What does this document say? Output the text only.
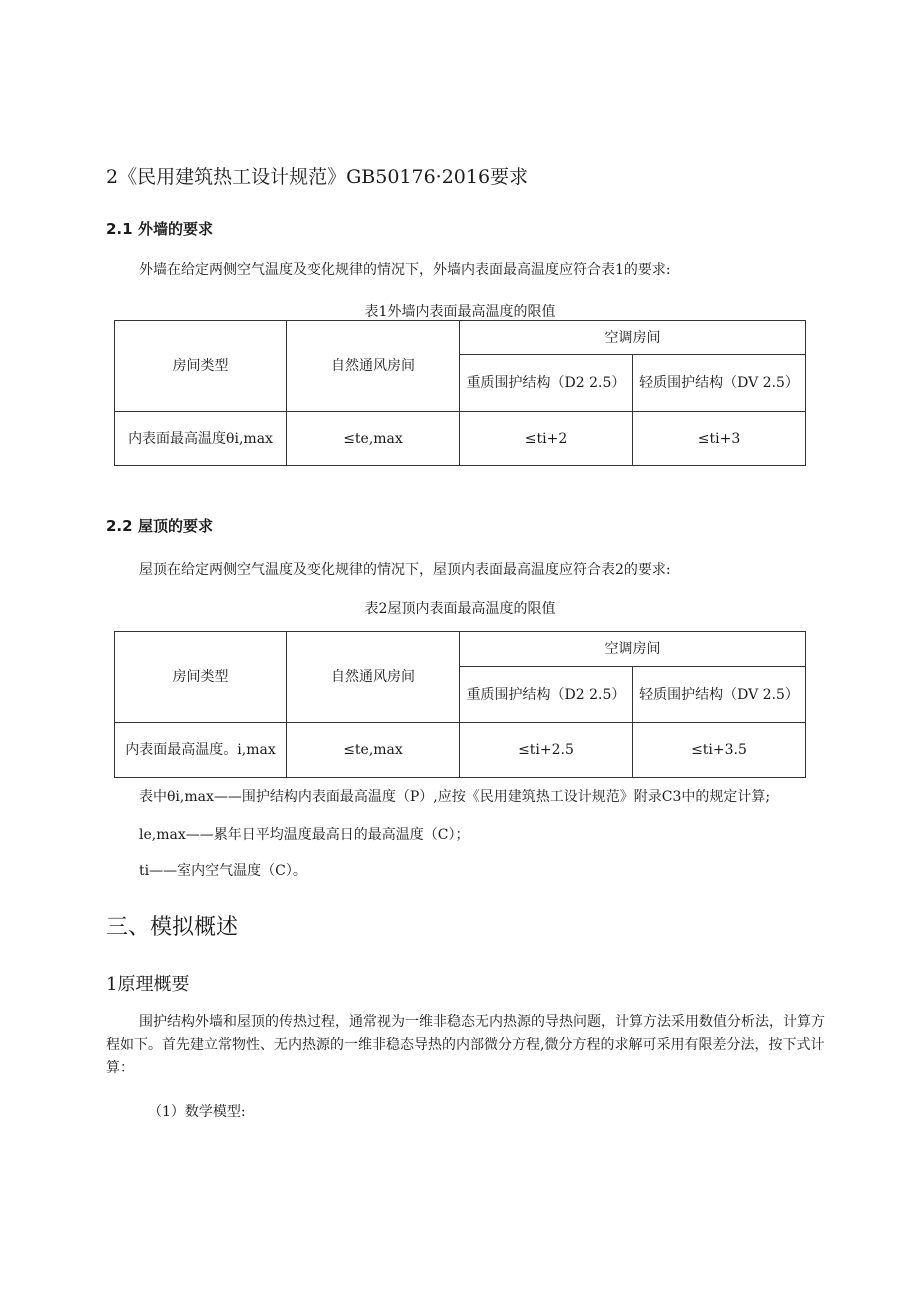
2《民用建筑热工设计规范》GB50176·2016要求
2.1 外墙的要求
外墙在给定两侧空气温度及变化规律的情况下，外墙内表面最高温度应符合表1的要求:
表1外墙内表面最高温度的限值
房间类型	自然通风房间	空调房间	
		重质围护结构（D2 2.5）	轻质围护结构（DV 2.5）
内表面最高温度θi,max	≤te,max	≤ti+2	≤ti+3
2.2 屋顶的要求
屋顶在给定两侧空气温度及变化规律的情况下，屋顶内表面最高温度应符合表2的要求:
表2屋顶内表面最高温度的限值
房间类型	自然通风房间	空调房间	
		重质围护结构（D2 2.5）	轻质围护结构（DV 2.5）
内表面最高温度。i,max	≤te,max	≤ti+2.5	≤ti+3.5
表中θi,max——围护结构内表面最高温度（P）,应按《民用建筑热工设计规范》附录C3中的规定计算;
le,max——累年日平均温度最高日的最高温度（C）；
ti——室内空气温度（C）。
三、模拟概述
1原理概要
围护结构外墙和屋顶的传热过程，通常视为一维非稳态无内热源的导热问题，计算方法采用数值分析法，计算方程如下。首先建立常物性、无内热源的一维非稳态导热的内部微分方程,微分方程的求解可采用有限差分法，按下式计算：
（1）数学模型:
